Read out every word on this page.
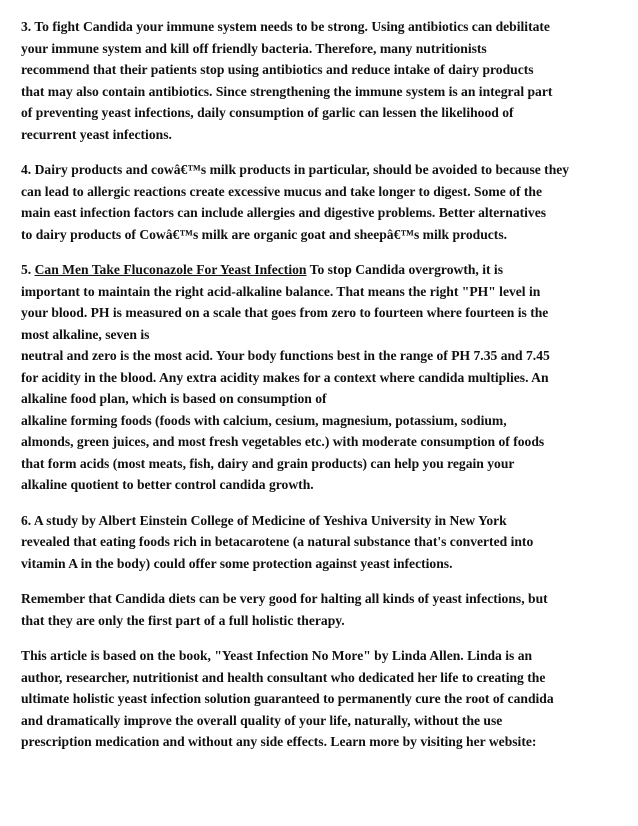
3. To fight Candida your immune system needs to be strong. Using antibiotics can debilitate
your immune system and kill off friendly bacteria. Therefore, many nutritionists
recommend that their patients stop using antibiotics and reduce intake of dairy products
that may also contain antibiotics. Since strengthening the immune system is an integral part
of preventing yeast infections, daily consumption of garlic can lessen the likelihood of
recurrent yeast infections.

4. Dairy products and cowâ€™s milk products in particular, should be avoided to because they
can lead to allergic reactions create excessive mucus and take longer to digest. Some of the
main east infection factors can include allergies and digestive problems. Better alternatives
to dairy products of Cowâ€™s milk are organic goat and sheepâ€™s milk products.

5. Can Men Take Fluconazole For Yeast Infection To stop Candida overgrowth, it is
important to maintain the right acid-alkaline balance. That means the right "PH" level in
your blood. PH is measured on a scale that goes from zero to fourteen where fourteen is the
most alkaline, seven is
neutral and zero is the most acid. Your body functions best in the range of PH 7.35 and 7.45
for acidity in the blood. Any extra acidity makes for a context where candida multiplies. An
alkaline food plan, which is based on consumption of
alkaline forming foods (foods with calcium, cesium, magnesium, potassium, sodium,
almonds, green juices, and most fresh vegetables etc.) with moderate consumption of foods
that form acids (most meats, fish, dairy and grain products) can help you regain your
alkaline quotient to better control candida growth.

6. A study by Albert Einstein College of Medicine of Yeshiva University in New York
revealed that eating foods rich in betacarotene (a natural substance that's converted into
vitamin A in the body) could offer some protection against yeast infections.

Remember that Candida diets can be very good for halting all kinds of yeast infections, but
that they are only the first part of a full holistic therapy.

This article is based on the book, "Yeast Infection No More" by Linda Allen. Linda is an
author, researcher, nutritionist and health consultant who dedicated her life to creating the
ultimate holistic yeast infection solution guaranteed to permanently cure the root of candida
and dramatically improve the overall quality of your life, naturally, without the use
prescription medication and without any side effects. Learn more by visiting her website:
